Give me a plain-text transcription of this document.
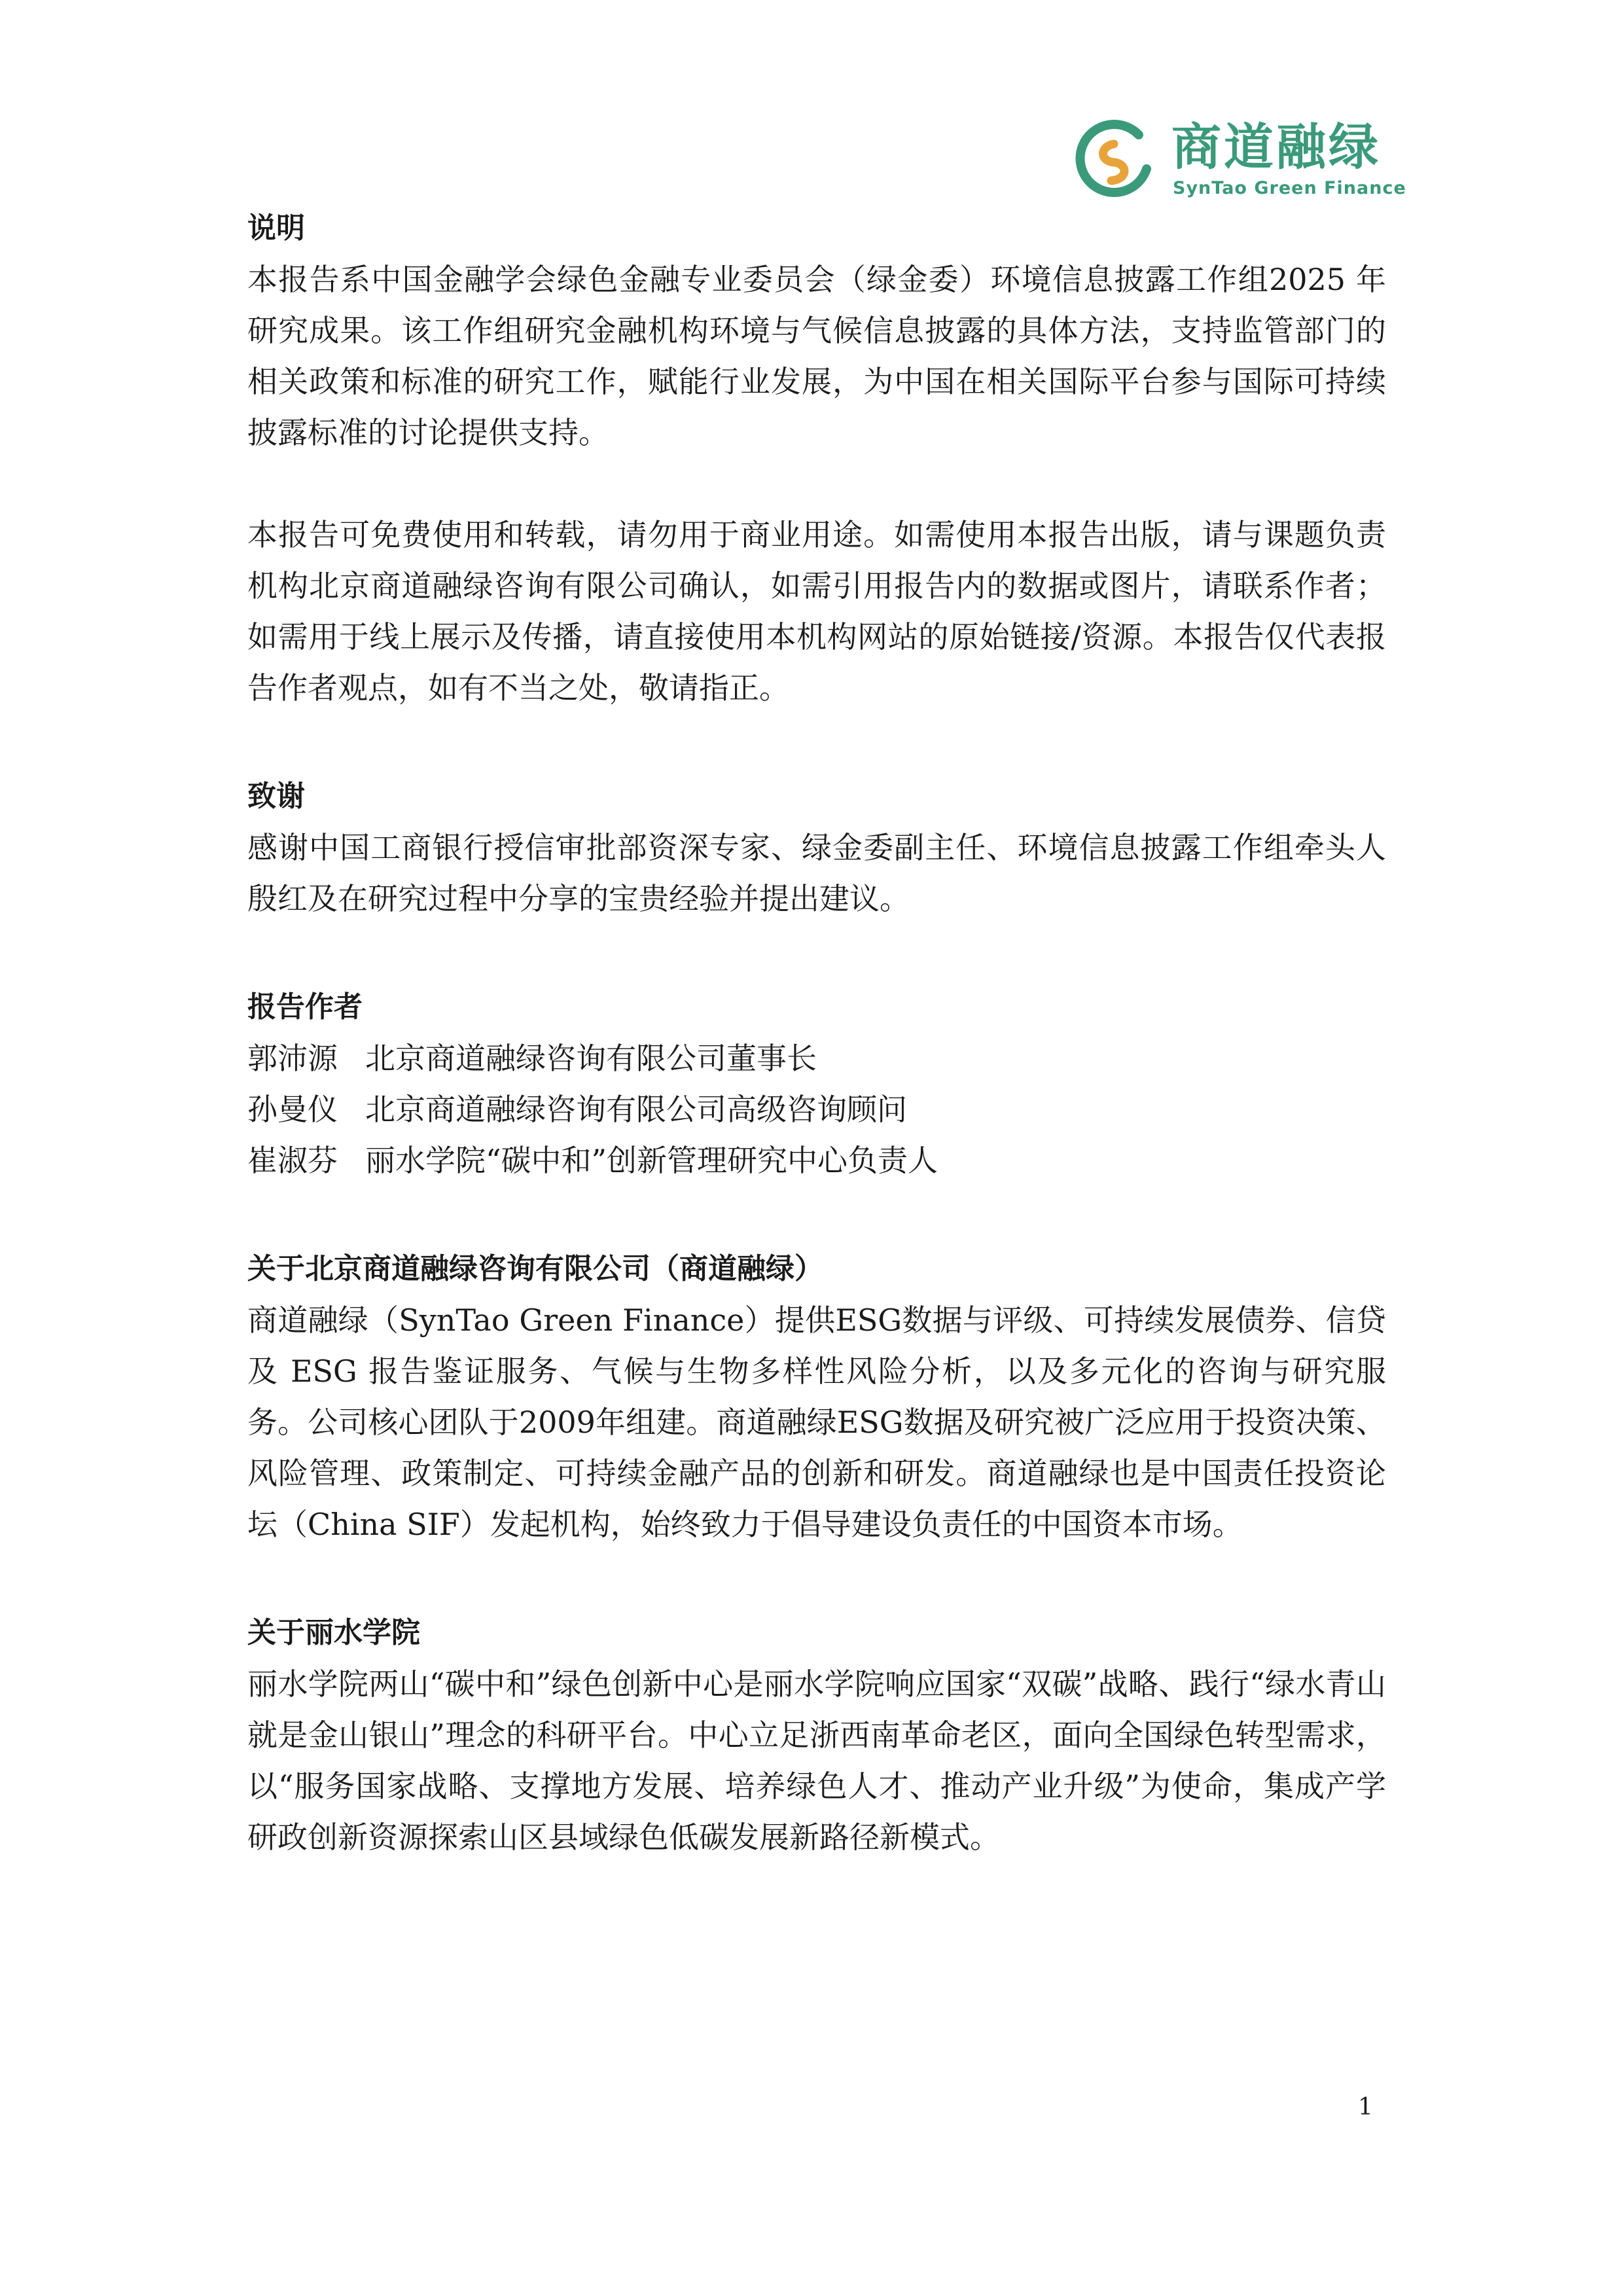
商道融绿
SynTao Green Finance
说明

本报告系中国金融学会绿色金融专业委员会（绿金委）环境信息披露工作组2025 年研究成果。该工作组研究金融机构环境与气候信息披露的具体方法，支持监管部门的相关政策和标准的研究工作，赋能行业发展，为中国在相关国际平台参与国际可持续披露标准的讨论提供支持。

本报告可免费使用和转载，请勿用于商业用途。如需使用本报告出版，请与课题负责机构北京商道融绿咨询有限公司确认，如需引用报告内的数据或图片，请联系作者；如需用于线上展示及传播，请直接使用本机构网站的原始链接/资源。本报告仅代表报告作者观点，如有不当之处，敬请指正。

致谢

感谢中国工商银行授信审批部资深专家、绿金委副主任、环境信息披露工作组牵头人殷红及在研究过程中分享的宝贵经验并提出建议。

报告作者

郭沛源 北京商道融绿咨询有限公司董事长

孙曼仪 北京商道融绿咨询有限公司高级咨询顾问

崔淑芬 丽水学院“碳中和”创新管理研究中心负责人

关于北京商道融绿咨询有限公司（商道融绿）

商道融绿（SynTao Green Finance）提供ESG数据与评级、可持续发展债券、信贷及 ESG 报告鉴证服务、气候与生物多样性风险分析，以及多元化的咨询与研究服务。公司核心团队于2009年组建。商道融绿ESG数据及研究被广泛应用于投资决策、风险管理、政策制定、可持续金融产品的创新和研发。商道融绿也是中国责任投资论坛（China SIF）发起机构，始终致力于倡导建设负责任的中国资本市场。

关于丽水学院

丽水学院两山“碳中和”绿色创新中心是丽水学院响应国家“双碳”战略、践行“绿水青山就是金山银山”理念的科研平台。中心立足浙西南革命老区，面向全国绿色转型需求，以“服务国家战略、支撑地方发展、培养绿色人才、推动产业升级”为使命，集成产学研政创新资源探索山区县域绿色低碳发展新路径新模式。

1
